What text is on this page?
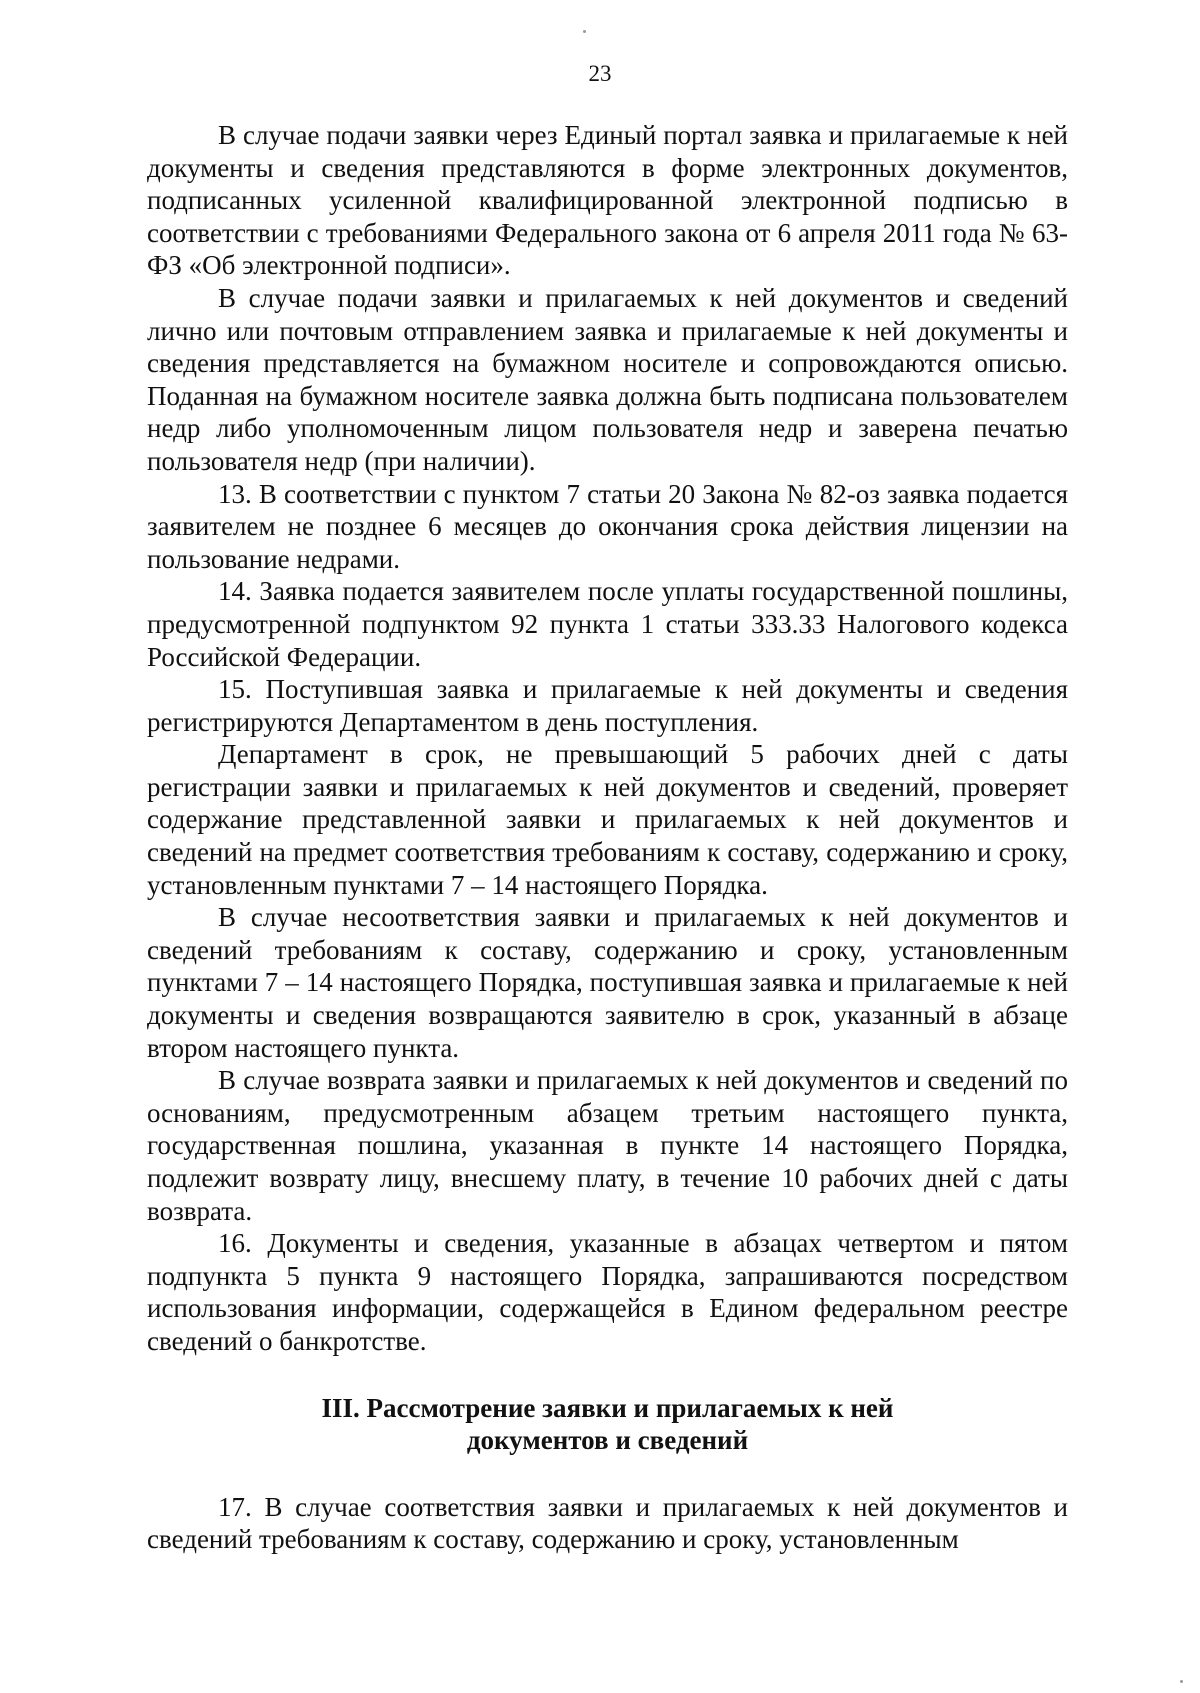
23

В случае подачи заявки через Единый портал заявка и прилагаемые к ней документы и сведения представляются в форме электронных документов, подписанных усиленной квалифицированной электронной подписью в соответствии с требованиями Федерального закона от 6 апреля 2011 года № 63-ФЗ «Об электронной подписи».

В случае подачи заявки и прилагаемых к ней документов и сведений лично или почтовым отправлением заявка и прилагаемые к ней документы и сведения представляется на бумажном носителе и сопровождаются описью. Поданная на бумажном носителе заявка должна быть подписана пользователем недр либо уполномоченным лицом пользователя недр и заверена печатью пользователя недр (при наличии).

13. В соответствии с пунктом 7 статьи 20 Закона № 82-оз заявка подается заявителем не позднее 6 месяцев до окончания срока действия лицензии на пользование недрами.

14. Заявка подается заявителем после уплаты государственной пошлины, предусмотренной подпунктом 92 пункта 1 статьи 333.33 Налогового кодекса Российской Федерации.

15. Поступившая заявка и прилагаемые к ней документы и сведения регистрируются Департаментом в день поступления.

Департамент в срок, не превышающий 5 рабочих дней с даты регистрации заявки и прилагаемых к ней документов и сведений, проверяет содержание представленной заявки и прилагаемых к ней документов и сведений на предмет соответствия требованиям к составу, содержанию и сроку, установленным пунктами 7 – 14 настоящего Порядка.

В случае несоответствия заявки и прилагаемых к ней документов и сведений требованиям к составу, содержанию и сроку, установленным пунктами 7 – 14 настоящего Порядка, поступившая заявка и прилагаемые к ней документы и сведения возвращаются заявителю в срок, указанный в абзаце втором настоящего пункта.

В случае возврата заявки и прилагаемых к ней документов и сведений по основаниям, предусмотренным абзацем третьим настоящего пункта, государственная пошлина, указанная в пункте 14 настоящего Порядка, подлежит возврату лицу, внесшему плату, в течение 10 рабочих дней с даты возврата.

16. Документы и сведения, указанные в абзацах четвертом и пятом подпункта 5 пункта 9 настоящего Порядка, запрашиваются посредством использования информации, содержащейся в Едином федеральном реестре сведений о банкротстве.

III. Рассмотрение заявки и прилагаемых к ней
документов и сведений

17. В случае соответствия заявки и прилагаемых к ней документов и сведений требованиям к составу, содержанию и сроку, установленным
